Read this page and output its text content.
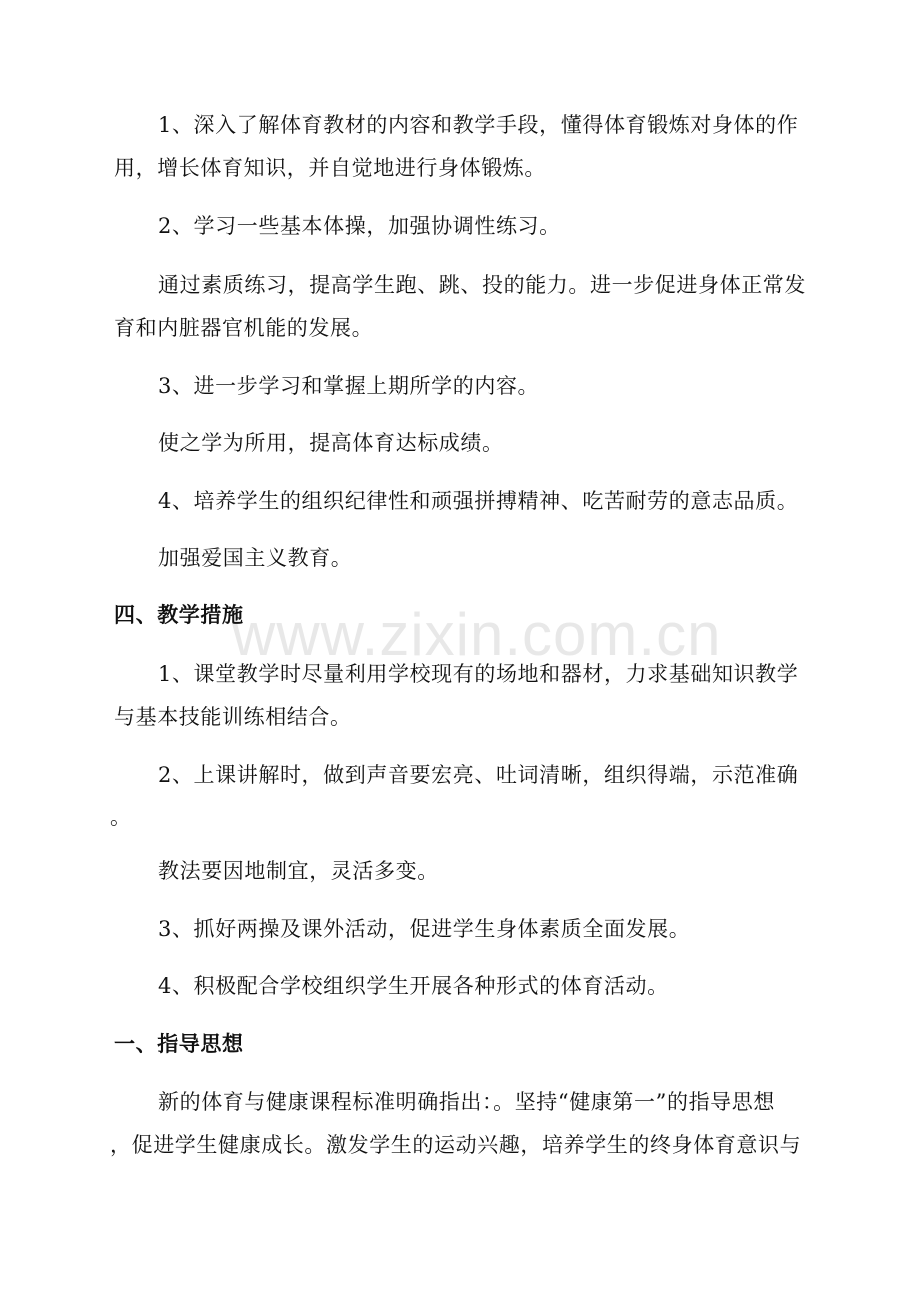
www.zixin.com.cn
1、深入了解体育教材的内容和教学手段，懂得体育锻炼对身体的作
用，增长体育知识，并自觉地进行身体锻炼。
2、学习一些基本体操，加强协调性练习。
通过素质练习，提高学生跑、跳、投的能力。进一步促进身体正常发
育和内脏器官机能的发展。
3、进一步学习和掌握上期所学的内容。
使之学为所用，提高体育达标成绩。
4、培养学生的组织纪律性和顽强拼搏精神、吃苦耐劳的意志品质。
加强爱国主义教育。
四、教学措施
1、课堂教学时尽量利用学校现有的场地和器材，力求基础知识教学
与基本技能训练相结合。
2、上课讲解时，做到声音要宏亮、吐词清晰，组织得端，示范准确
。
教法要因地制宜，灵活多变。
3、抓好两操及课外活动，促进学生身体素质全面发展。
4、积极配合学校组织学生开展各种形式的体育活动。
一、指导思想
新的体育与健康课程标准明确指出：。坚持“健康第一”的指导思想
，促进学生健康成长。激发学生的运动兴趣，培养学生的终身体育意识与
